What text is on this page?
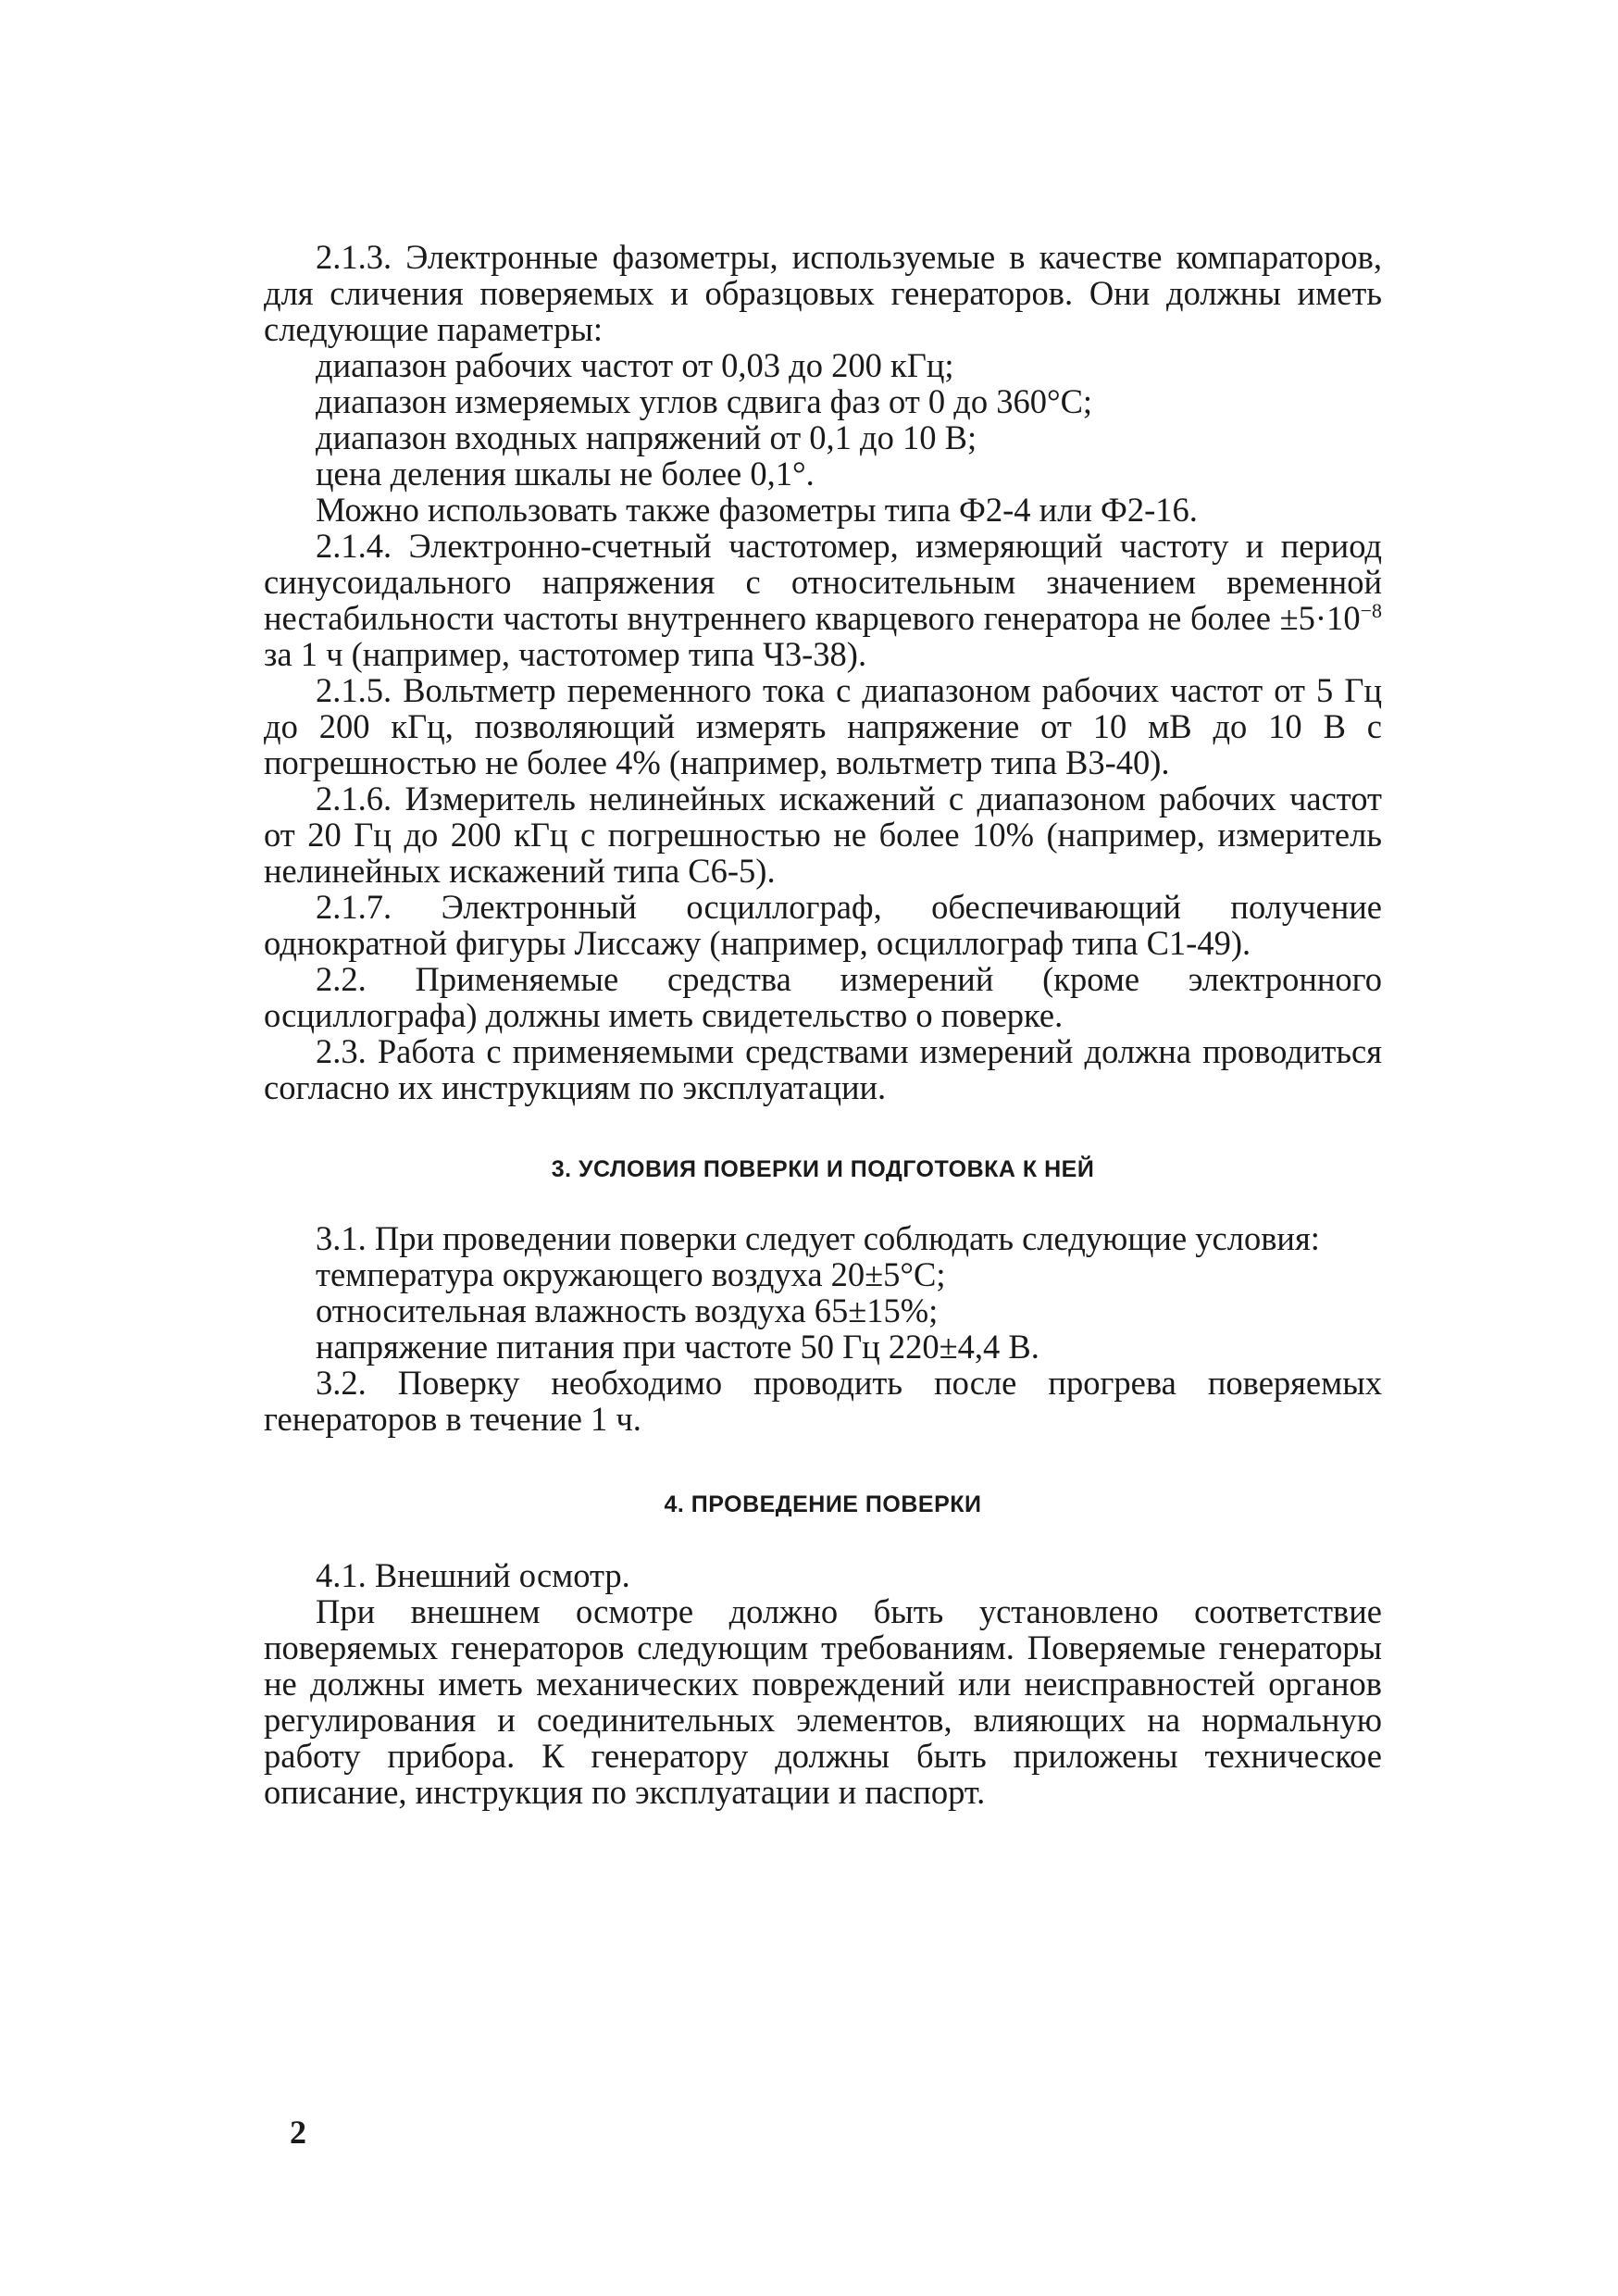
2.1.3. Электронные фазометры, используемые в качестве компараторов, для сличения поверяемых и образцовых генераторов. Они должны иметь следующие параметры:

диапазон рабочих частот от 0,03 до 200 кГц;

диапазон измеряемых углов сдвига фаз от 0 до 360°С;

диапазон входных напряжений от 0,1 до 10 В;

цена деления шкалы не более 0,1°.

Можно использовать также фазометры типа Ф2-4 или Ф2-16.

2.1.4. Электронно-счетный частотомер, измеряющий частоту и период синусоидального напряжения с относительным значением временной нестабильности частоты внутреннего кварцевого генератора не более $\pm 5\cdot 10^{-8}$ за 1 ч (например, частотомер типа Ч3-38).

2.1.5. Вольтметр переменного тока с диапазоном рабочих частот от 5 Гц до 200 кГц, позволяющий измерять напряжение от 10 мВ до 10 В с погрешностью не более 4% (например, вольтметр типа В3-40).

2.1.6. Измеритель нелинейных искажений с диапазоном рабочих частот от 20 Гц до 200 кГц с погрешностью не более 10% (например, измеритель нелинейных искажений типа С6-5).

2.1.7. Электронный осциллограф, обеспечивающий получение однократной фигуры Лиссажу (например, осциллограф типа С1-49).

2.2. Применяемые средства измерений (кроме электронного осциллографа) должны иметь свидетельство о поверке.

2.3. Работа с применяемыми средствами измерений должна проводиться согласно их инструкциям по эксплуатации.

3. УСЛОВИЯ ПОВЕРКИ И ПОДГОТОВКА К НЕЙ

3.1. При проведении поверки следует соблюдать следующие условия:

температура окружающего воздуха 20±5°С;

относительная влажность воздуха 65±15%;

напряжение питания при частоте 50 Гц 220±4,4 В.

3.2. Поверку необходимо проводить после прогрева поверяемых генераторов в течение 1 ч.

4. ПРОВЕДЕНИЕ ПОВЕРКИ

4.1. Внешний осмотр.

При внешнем осмотре должно быть установлено соответствие поверяемых генераторов следующим требованиям. Поверяемые генераторы не должны иметь механических повреждений или неисправностей органов регулирования и соединительных элементов, влияющих на нормальную работу прибора. К генератору должны быть приложены техническое описание, инструкция по эксплуатации и паспорт.

2
